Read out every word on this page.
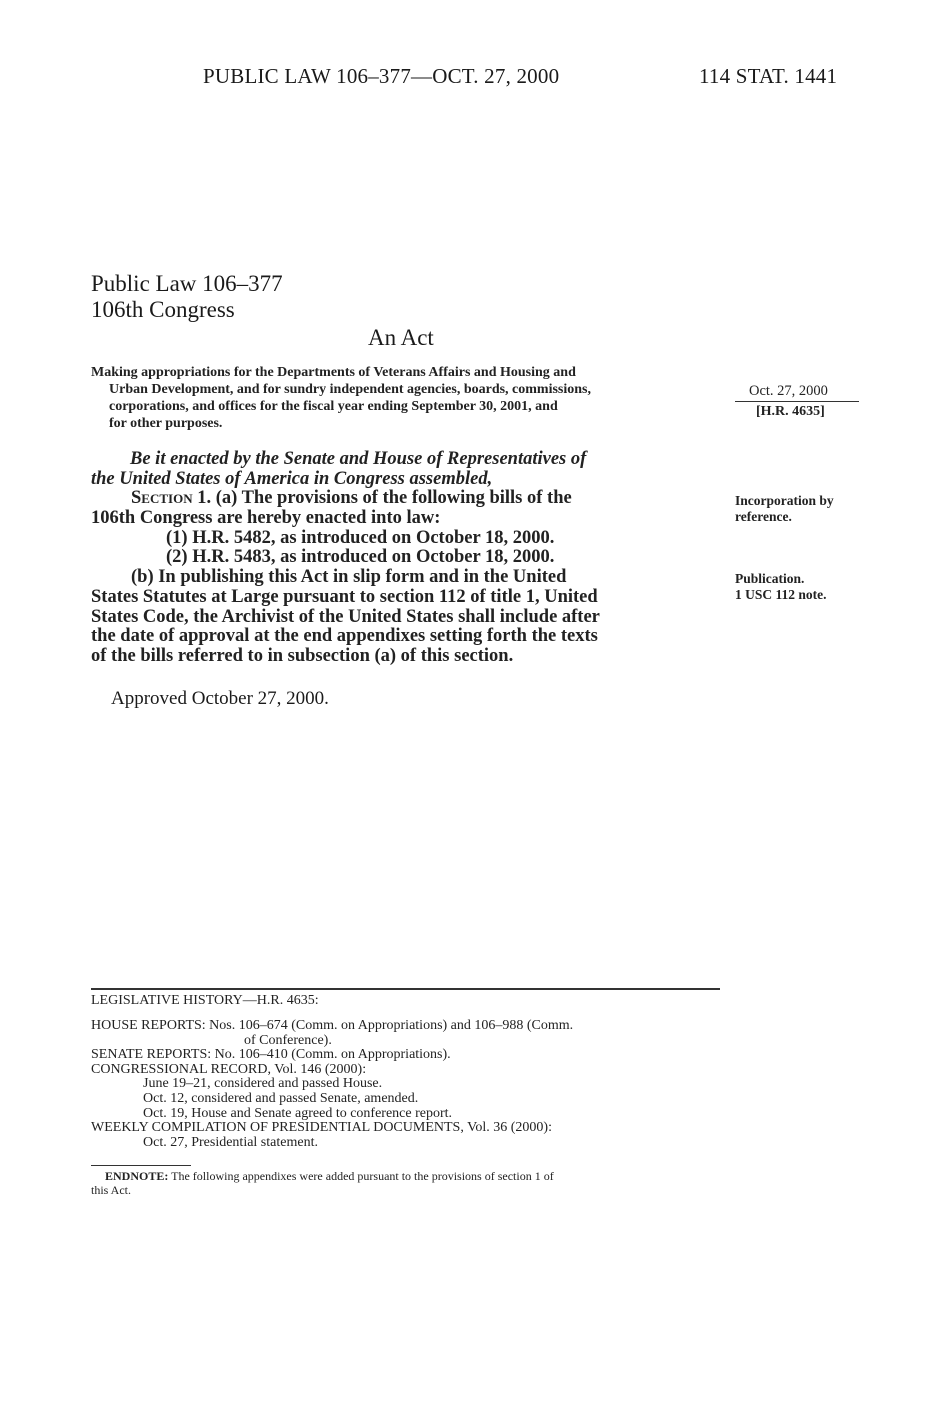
PUBLIC LAW 106–377—OCT. 27, 2000	114 STAT. 1441
Public Law 106–377
106th Congress
An Act
Making appropriations for the Departments of Veterans Affairs and Housing and
Urban Development, and for sundry independent agencies, boards, commissions,
corporations, and offices for the fiscal year ending September 30, 2001, and
for other purposes.
Oct. 27, 2000
[H.R. 4635]
Be it enacted by the Senate and House of Representatives of
the United States of America in Congress assembled,
Section 1. (a) The provisions of the following bills of the
106th Congress are hereby enacted into law:
(1) H.R. 5482, as introduced on October 18, 2000.
(2) H.R. 5483, as introduced on October 18, 2000.
Incorporation by
reference.
(b) In publishing this Act in slip form and in the United
States Statutes at Large pursuant to section 112 of title 1, United
States Code, the Archivist of the United States shall include after
the date of approval at the end appendixes setting forth the texts
of the bills referred to in subsection (a) of this section.
Publication.
1 USC 112 note.
Approved October 27, 2000.
LEGISLATIVE HISTORY—H.R. 4635:
HOUSE REPORTS: Nos. 106–674 (Comm. on Appropriations) and 106–988 (Comm.
of Conference).
SENATE REPORTS: No. 106–410 (Comm. on Appropriations).
CONGRESSIONAL RECORD, Vol. 146 (2000):
June 19–21, considered and passed House.
Oct. 12, considered and passed Senate, amended.
Oct. 19, House and Senate agreed to conference report.
WEEKLY COMPILATION OF PRESIDENTIAL DOCUMENTS, Vol. 36 (2000):
Oct. 27, Presidential statement.
ENDNOTE: The following appendixes were added pursuant to the provisions of section 1 of
this Act.
